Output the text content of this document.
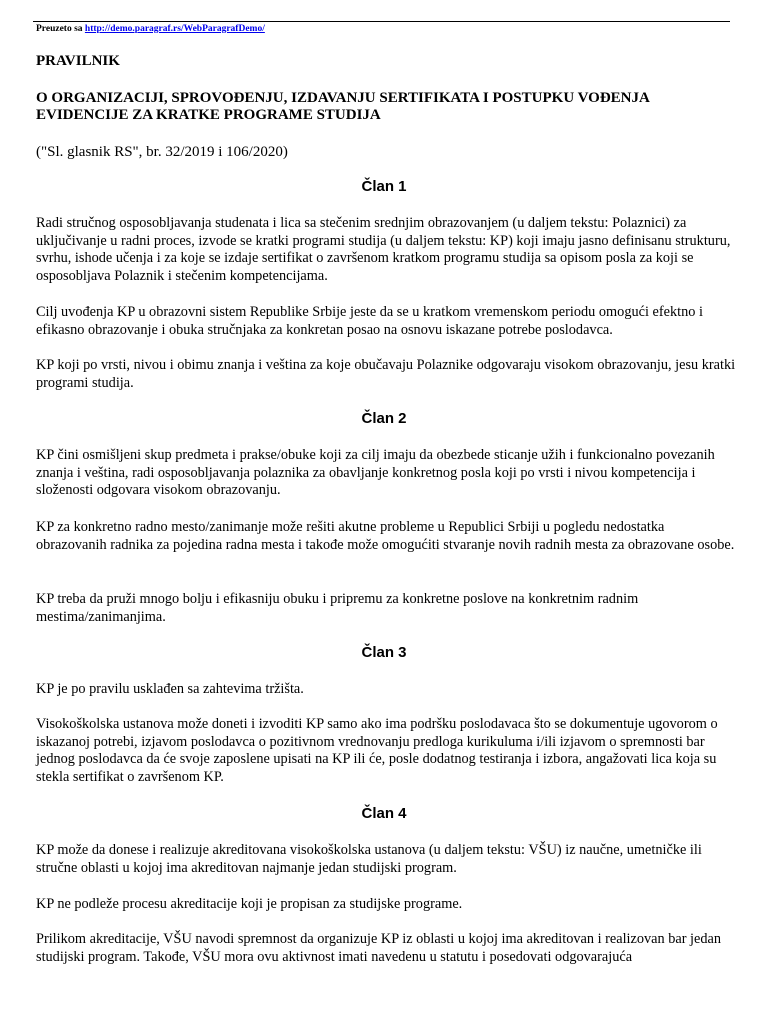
Preuzeto sa http://demo.paragraf.rs/WebParagrafDemo/
PRAVILNIK
O ORGANIZACIJI, SPROVOĐENJU, IZDAVANJU SERTIFIKATA I POSTUPKU VOĐENJA EVIDENCIJE ZA KRATKE PROGRAME STUDIJA
("Sl. glasnik RS", br. 32/2019 i 106/2020)
Član 1
Radi stručnog osposobljavanja studenata i lica sa stečenim srednjim obrazovanjem (u daljem tekstu: Polaznici) za uključivanje u radni proces, izvode se kratki programi studija (u daljem tekstu: KP) koji imaju jasno definisanu strukturu, svrhu, ishode učenja i za koje se izdaje sertifikat o završenom kratkom programu studija sa opisom posla za koji se osposobljava Polaznik i stečenim kompetencijama.
Cilj uvođenja KP u obrazovni sistem Republike Srbije jeste da se u kratkom vremenskom periodu omogući efektno i efikasno obrazovanje i obuka stručnjaka za konkretan posao na osnovu iskazane potrebe poslodavca.
KP koji po vrsti, nivou i obimu znanja i veština za koje obučavaju Polaznike odgovaraju visokom obrazovanju, jesu kratki programi studija.
Član 2
KP čini osmišljeni skup predmeta i prakse/obuke koji za cilj imaju da obezbede sticanje užih i funkcionalno povezanih znanja i veština, radi osposobljavanja polaznika za obavljanje konkretnog posla koji po vrsti i nivou kompetencija i složenosti odgovara visokom obrazovanju.
KP za konkretno radno mesto/zanimanje može rešiti akutne probleme u Republici Srbiji u pogledu nedostatka obrazovanih radnika za pojedina radna mesta i takođe može omogućiti stvaranje novih radnih mesta za obrazovane osobe.
KP treba da pruži mnogo bolju i efikasniju obuku i pripremu za konkretne poslove na konkretnim radnim mestima/zanimanjima.
Član 3
KP je po pravilu usklađen sa zahtevima tržišta.
Visokoškolska ustanova može doneti i izvoditi KP samo ako ima podršku poslodavaca što se dokumentuje ugovorom o iskazanoj potrebi, izjavom poslodavca o pozitivnom vrednovanju predloga kurikuluma i/ili izjavom o spremnosti bar jednog poslodavca da će svoje zaposlene upisati na KP ili će, posle dodatnog testiranja i izbora, angažovati lica koja su stekla sertifikat o završenom KP.
Član 4
KP može da donese i realizuje akreditovana visokoškolska ustanova (u daljem tekstu: VŠU) iz naučne, umetničke ili stručne oblasti u kojoj ima akreditovan najmanje jedan studijski program.
KP ne podleže procesu akreditacije koji je propisan za studijske programe.
Prilikom akreditacije, VŠU navodi spremnost da organizuje KP iz oblasti u kojoj ima akreditovan i realizovan bar jedan studijski program. Takođe, VŠU mora ovu aktivnost imati navedenu u statutu i posedovati odgovarajuća
